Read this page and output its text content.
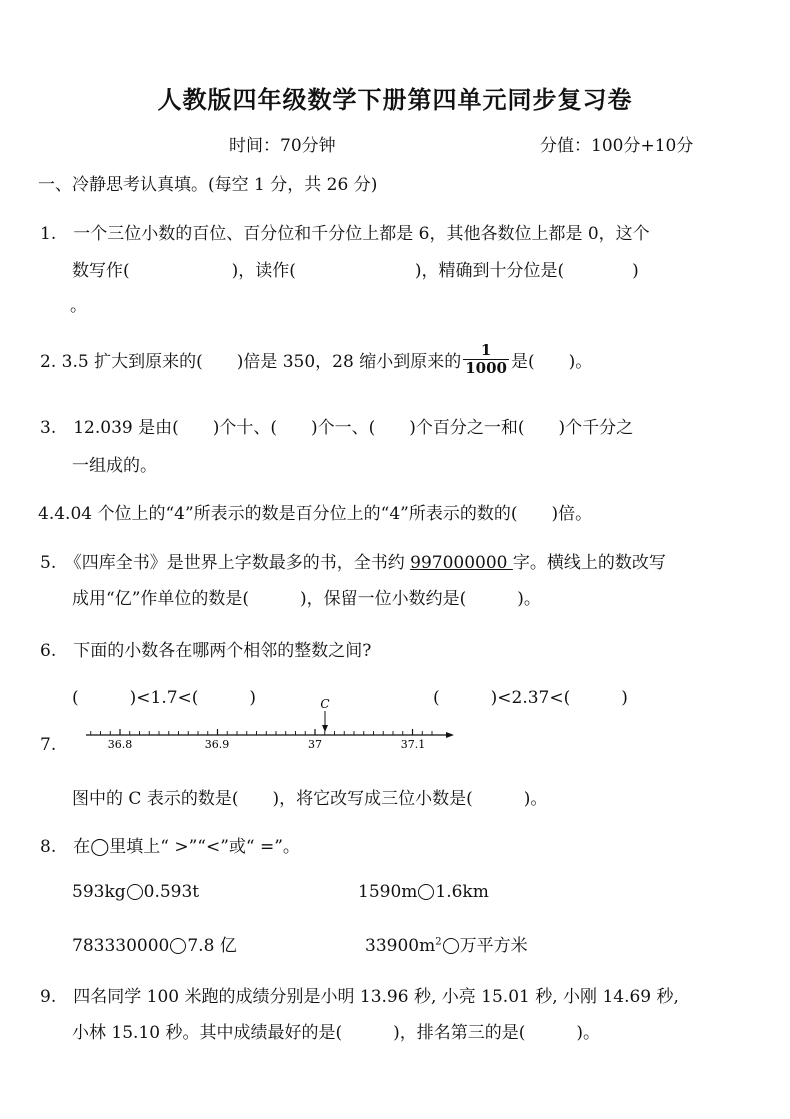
人教版四年级数学下册第四单元同步复习卷
时间：70分钟	分值：100分+10分
一、冷静思考认真填。(每空 1 分，共 26 分)
1.　一个三位小数的百位、百分位和千分位上都是 6，其他各数位上都是 0，这个
数写作(　　　　　　)，读作(　　　　　　　)，精确到十分位是(　　　　)
。
2. 3.5 扩大到原来的(　　)倍是 350，28 缩小到原来的 $\frac{1}{1000}$ 是(　　)。
3.　12.039 是由(　　)个十、(　　)个一、(　　)个百分之一和(　　)个千分之
一组成的。
4.4.04 个位上的“4”所表示的数是百分位上的“4”所表示的数的(　　)倍。
5.　《四库全书》是世界上字数最多的书，全书约 997000000 字。横线上的数改写
成用“亿”作单位的数是(　　　)，保留一位小数约是(　　　)。
6.　下面的小数各在哪两个相邻的整数之间?
(　　　)<1.7<(　　　)	(　　　)<2.37<(　　　)
7.	36.8	36.9	37	37.1
C
图中的 C 表示的数是(　　)，将它改写成三位小数是(　　　)。
8.　在◯里填上“ >”“<”或“ =”。
593kg 0.593t	1590m 1.6km
783330000 7.8 亿	$33900m^2$ 万平方米
9.　四名同学 100 米跑的成绩分别是小明 13.96 秒, 小亮 15.01 秒, 小刚 14.69 秒,
小林 15.10 秒。其中成绩最好的是(　　　)，排名第三的是(　　　)。
